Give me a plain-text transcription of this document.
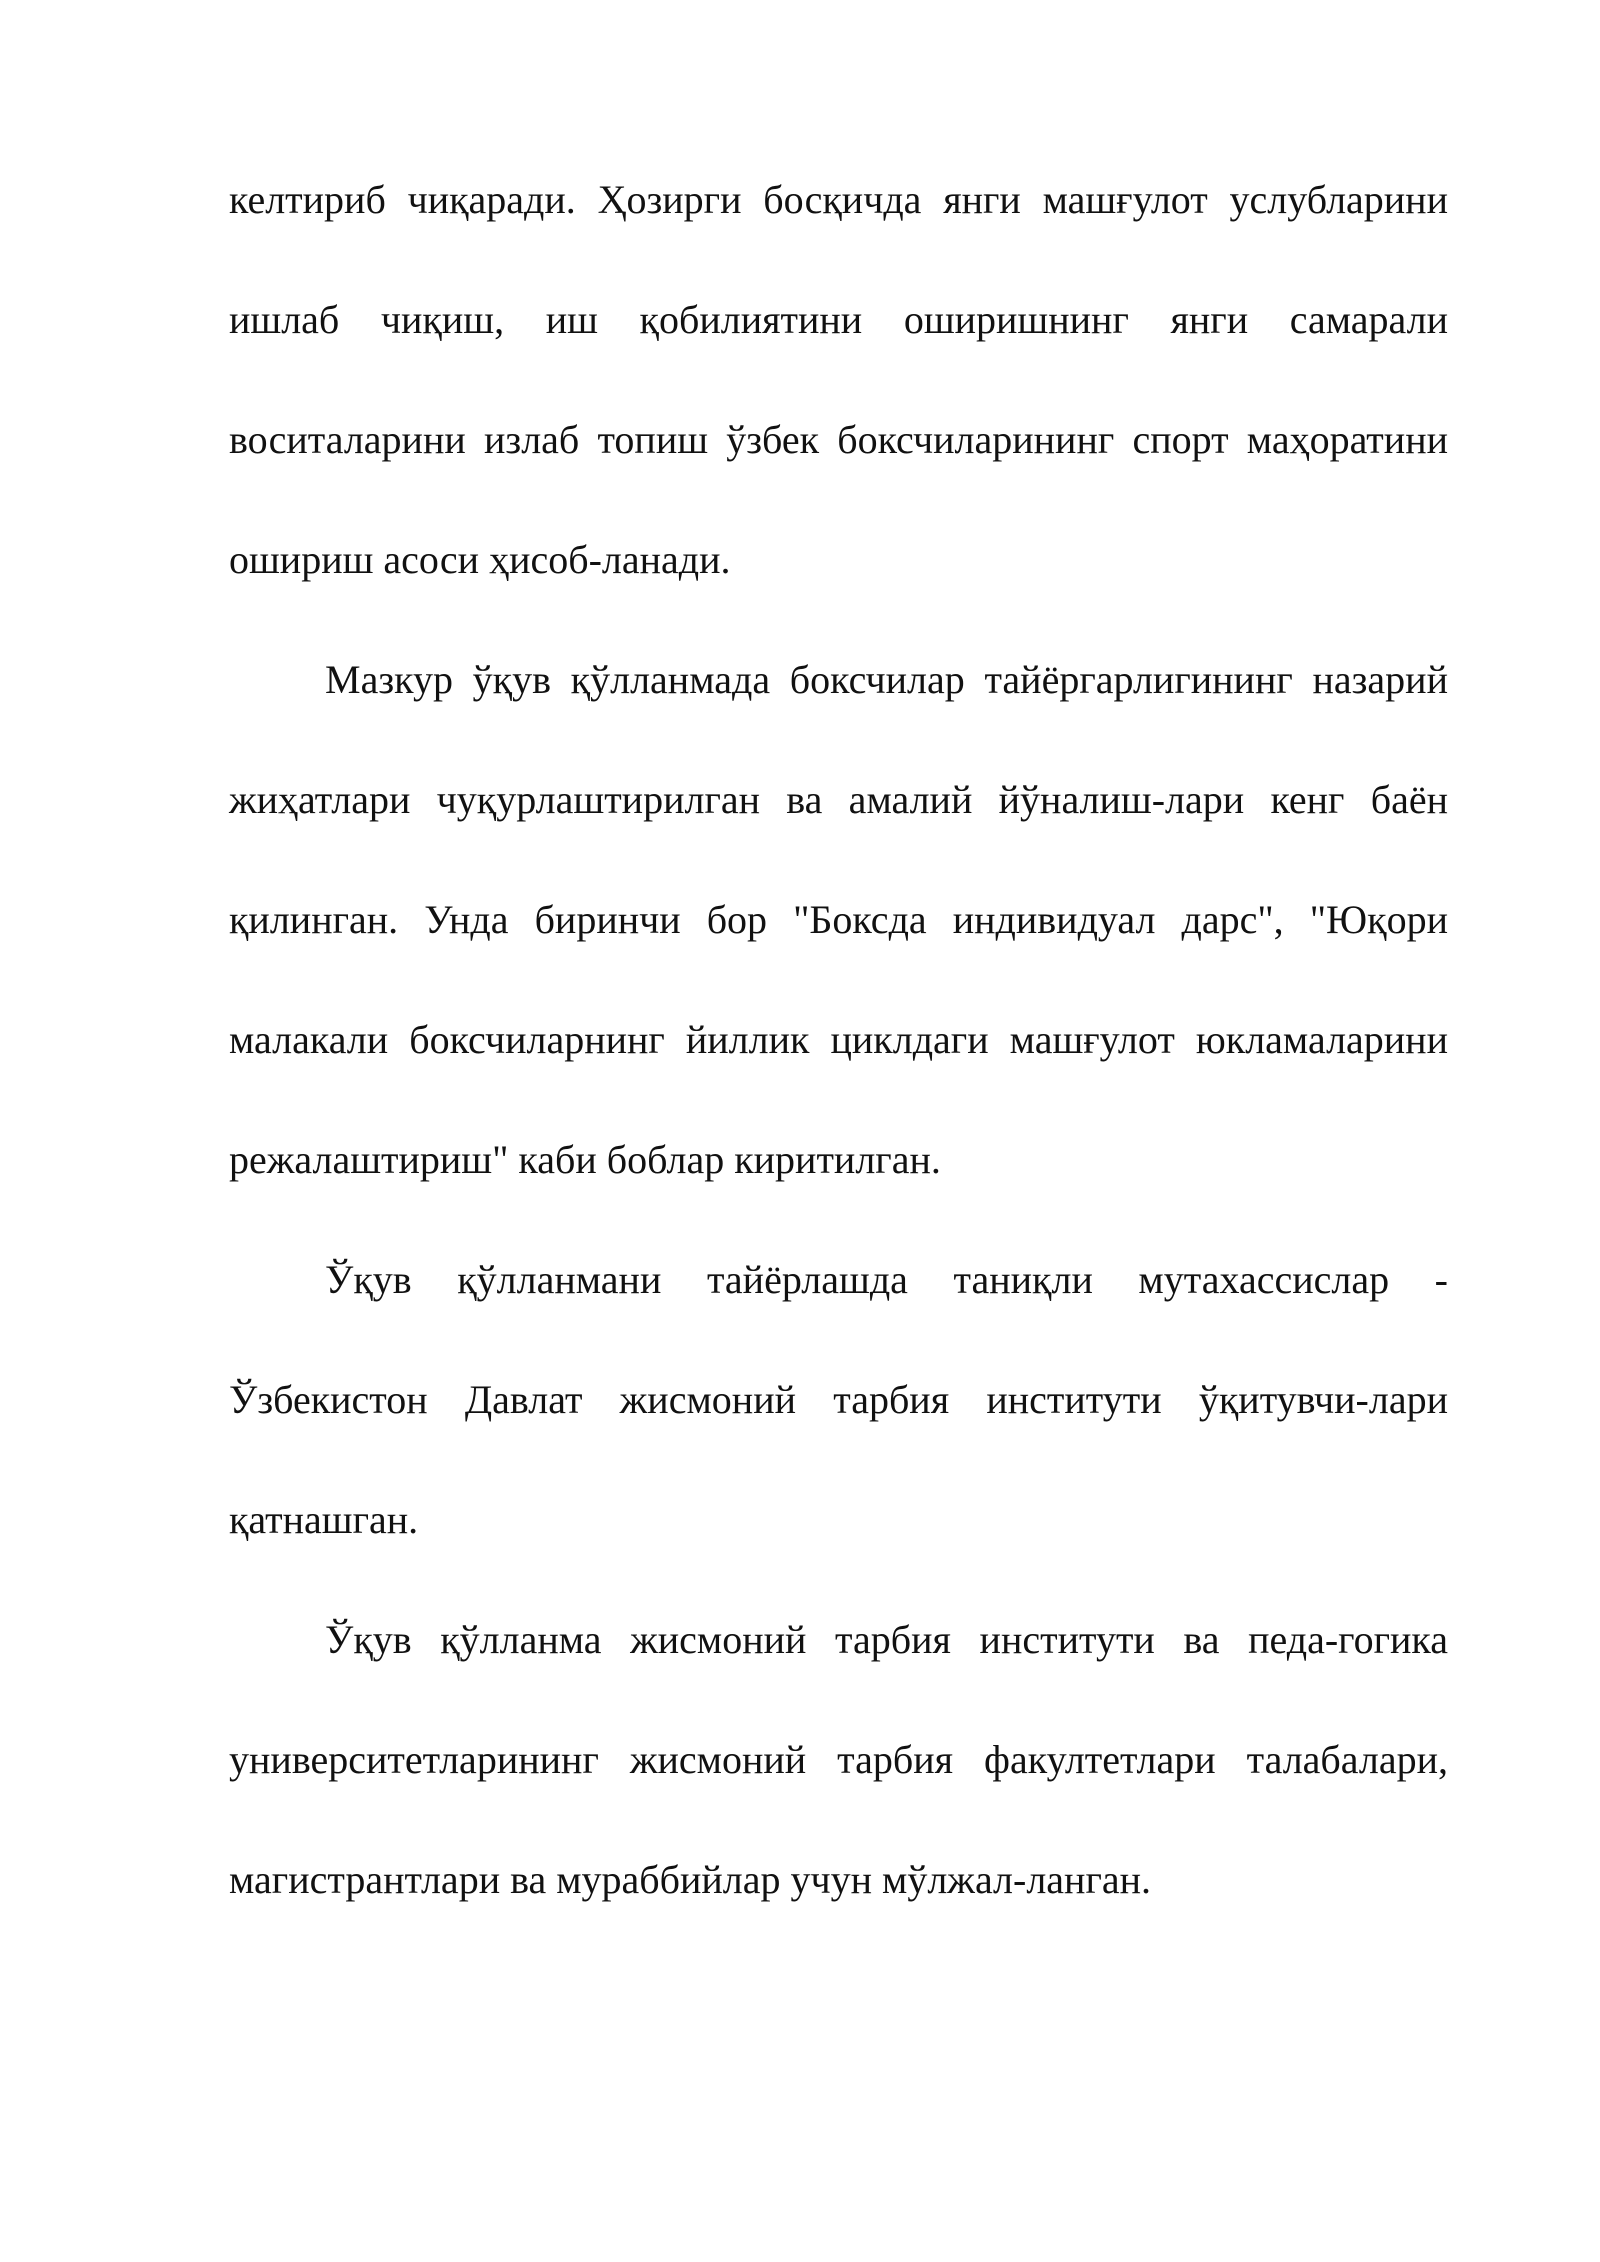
келтириб чиқаради. Ҳозирги босқичда янги машғулот услубларини ишлаб чиқиш, иш қобилиятини оширишнинг янги самарали воситаларини излаб топиш ўзбек боксчиларининг спорт маҳоратини ошириш асоси ҳисоб-ланади.

Мазкур ўқув қўлланмада боксчилар тайёргарлигининг назарий жиҳатлари чуқурлаштирилган ва амалий йўналиш-лари кенг баён қилинган. Унда биринчи бор "Боксда индивидуал дарс", "Юқори малакали боксчиларнинг йиллик циклдаги машғулот юкламаларини режалаштириш" каби боблар киритилган.

Ўқув қўлланмани тайёрлашда таниқли мутахассислар - Ўзбекистон Давлат жисмоний тарбия институти ўқитувчи-лари қатнашган.

Ўқув қўлланма жисмоний тарбия институти ва педа-гогика университетларининг жисмоний тарбия факултетлари талабалари, магистрантлари ва мураббийлар учун мўлжал-ланган.
